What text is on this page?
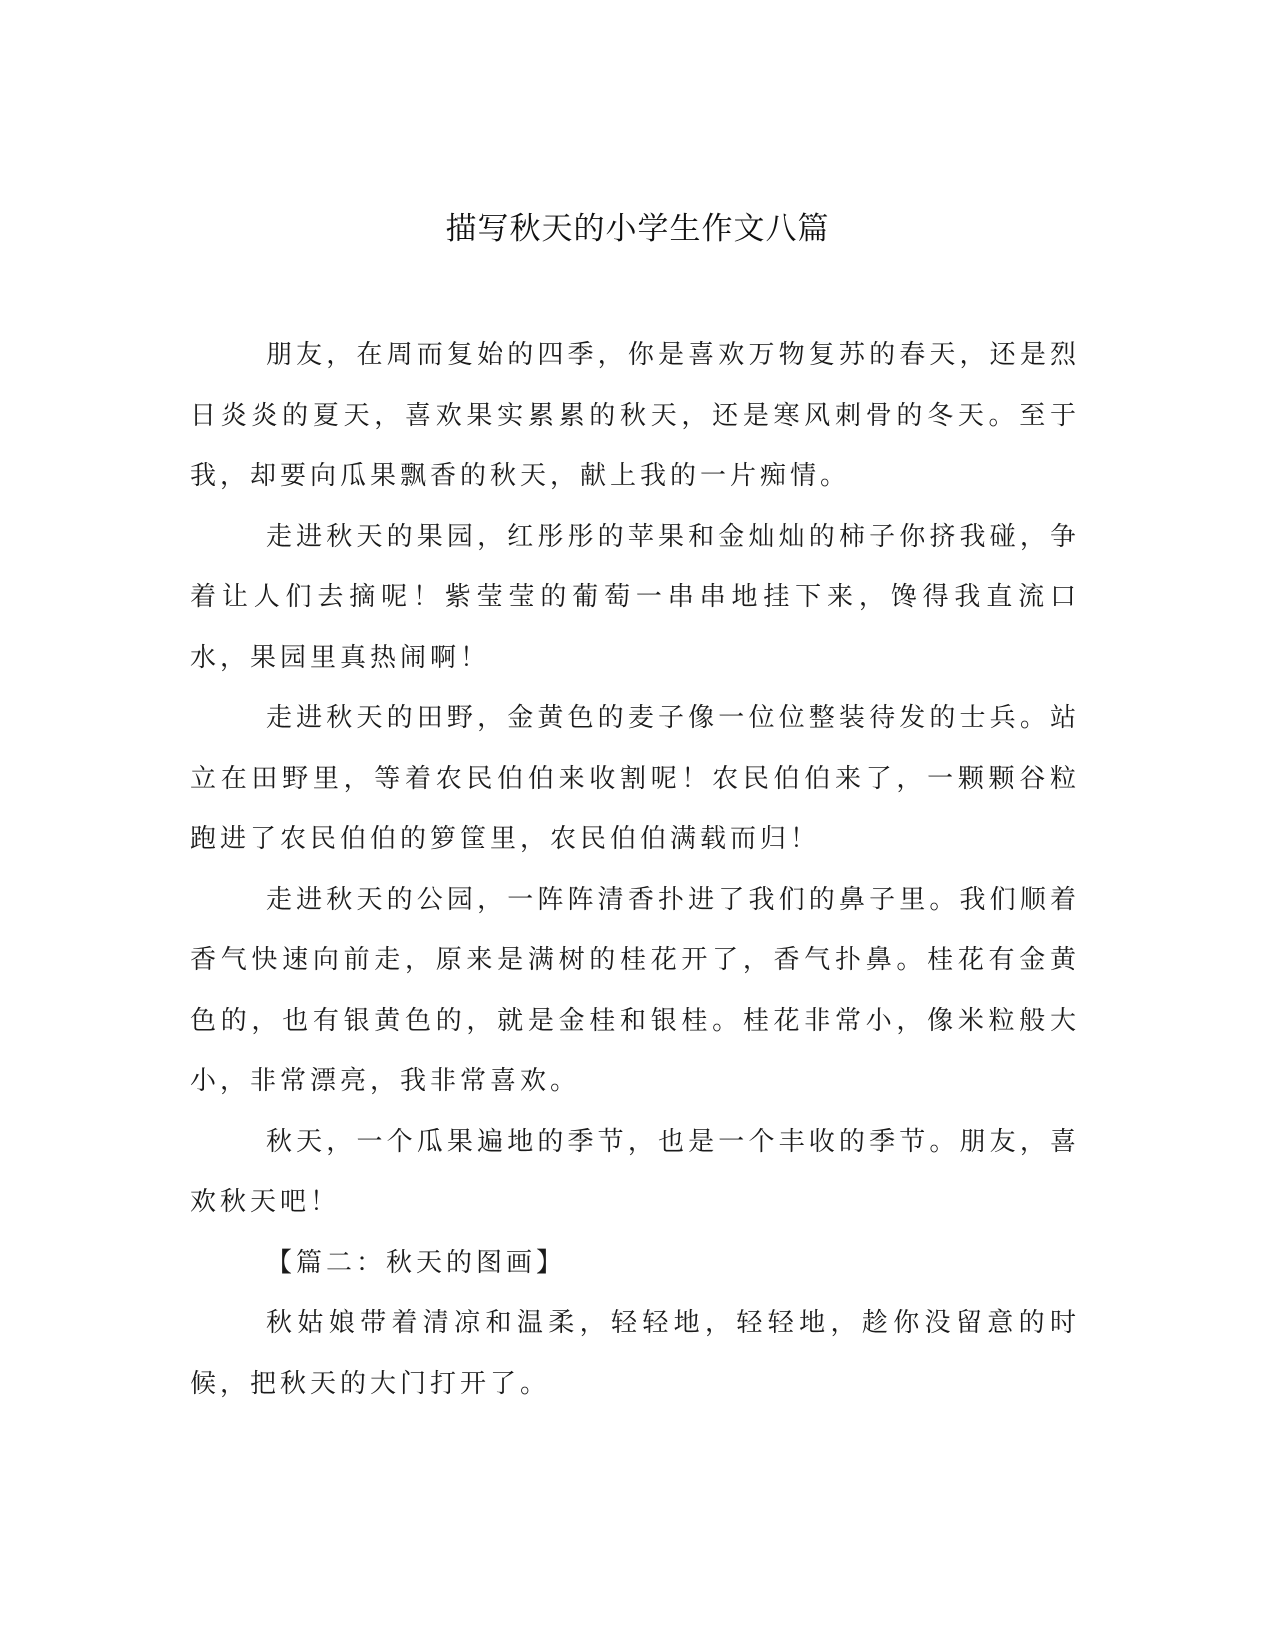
描写秋天的小学生作文八篇

朋友，在周而复始的四季，你是喜欢万物复苏的春天，还是烈日炎炎的夏天，喜欢果实累累的秋天，还是寒风刺骨的冬天。至于我，却要向瓜果飘香的秋天，献上我的一片痴情。

走进秋天的果园，红彤彤的苹果和金灿灿的柿子你挤我碰，争着让人们去摘呢！紫莹莹的葡萄一串串地挂下来，馋得我直流口水，果园里真热闹啊！

走进秋天的田野，金黄色的麦子像一位位整装待发的士兵。站立在田野里，等着农民伯伯来收割呢！农民伯伯来了，一颗颗谷粒跑进了农民伯伯的箩筐里，农民伯伯满载而归！

走进秋天的公园，一阵阵清香扑进了我们的鼻子里。我们顺着香气快速向前走，原来是满树的桂花开了，香气扑鼻。桂花有金黄色的，也有银黄色的，就是金桂和银桂。桂花非常小，像米粒般大小，非常漂亮，我非常喜欢。

秋天，一个瓜果遍地的季节，也是一个丰收的季节。朋友，喜欢秋天吧！

【篇二：秋天的图画】

秋姑娘带着清凉和温柔，轻轻地，轻轻地，趁你没留意的时候，把秋天的大门打开了。
